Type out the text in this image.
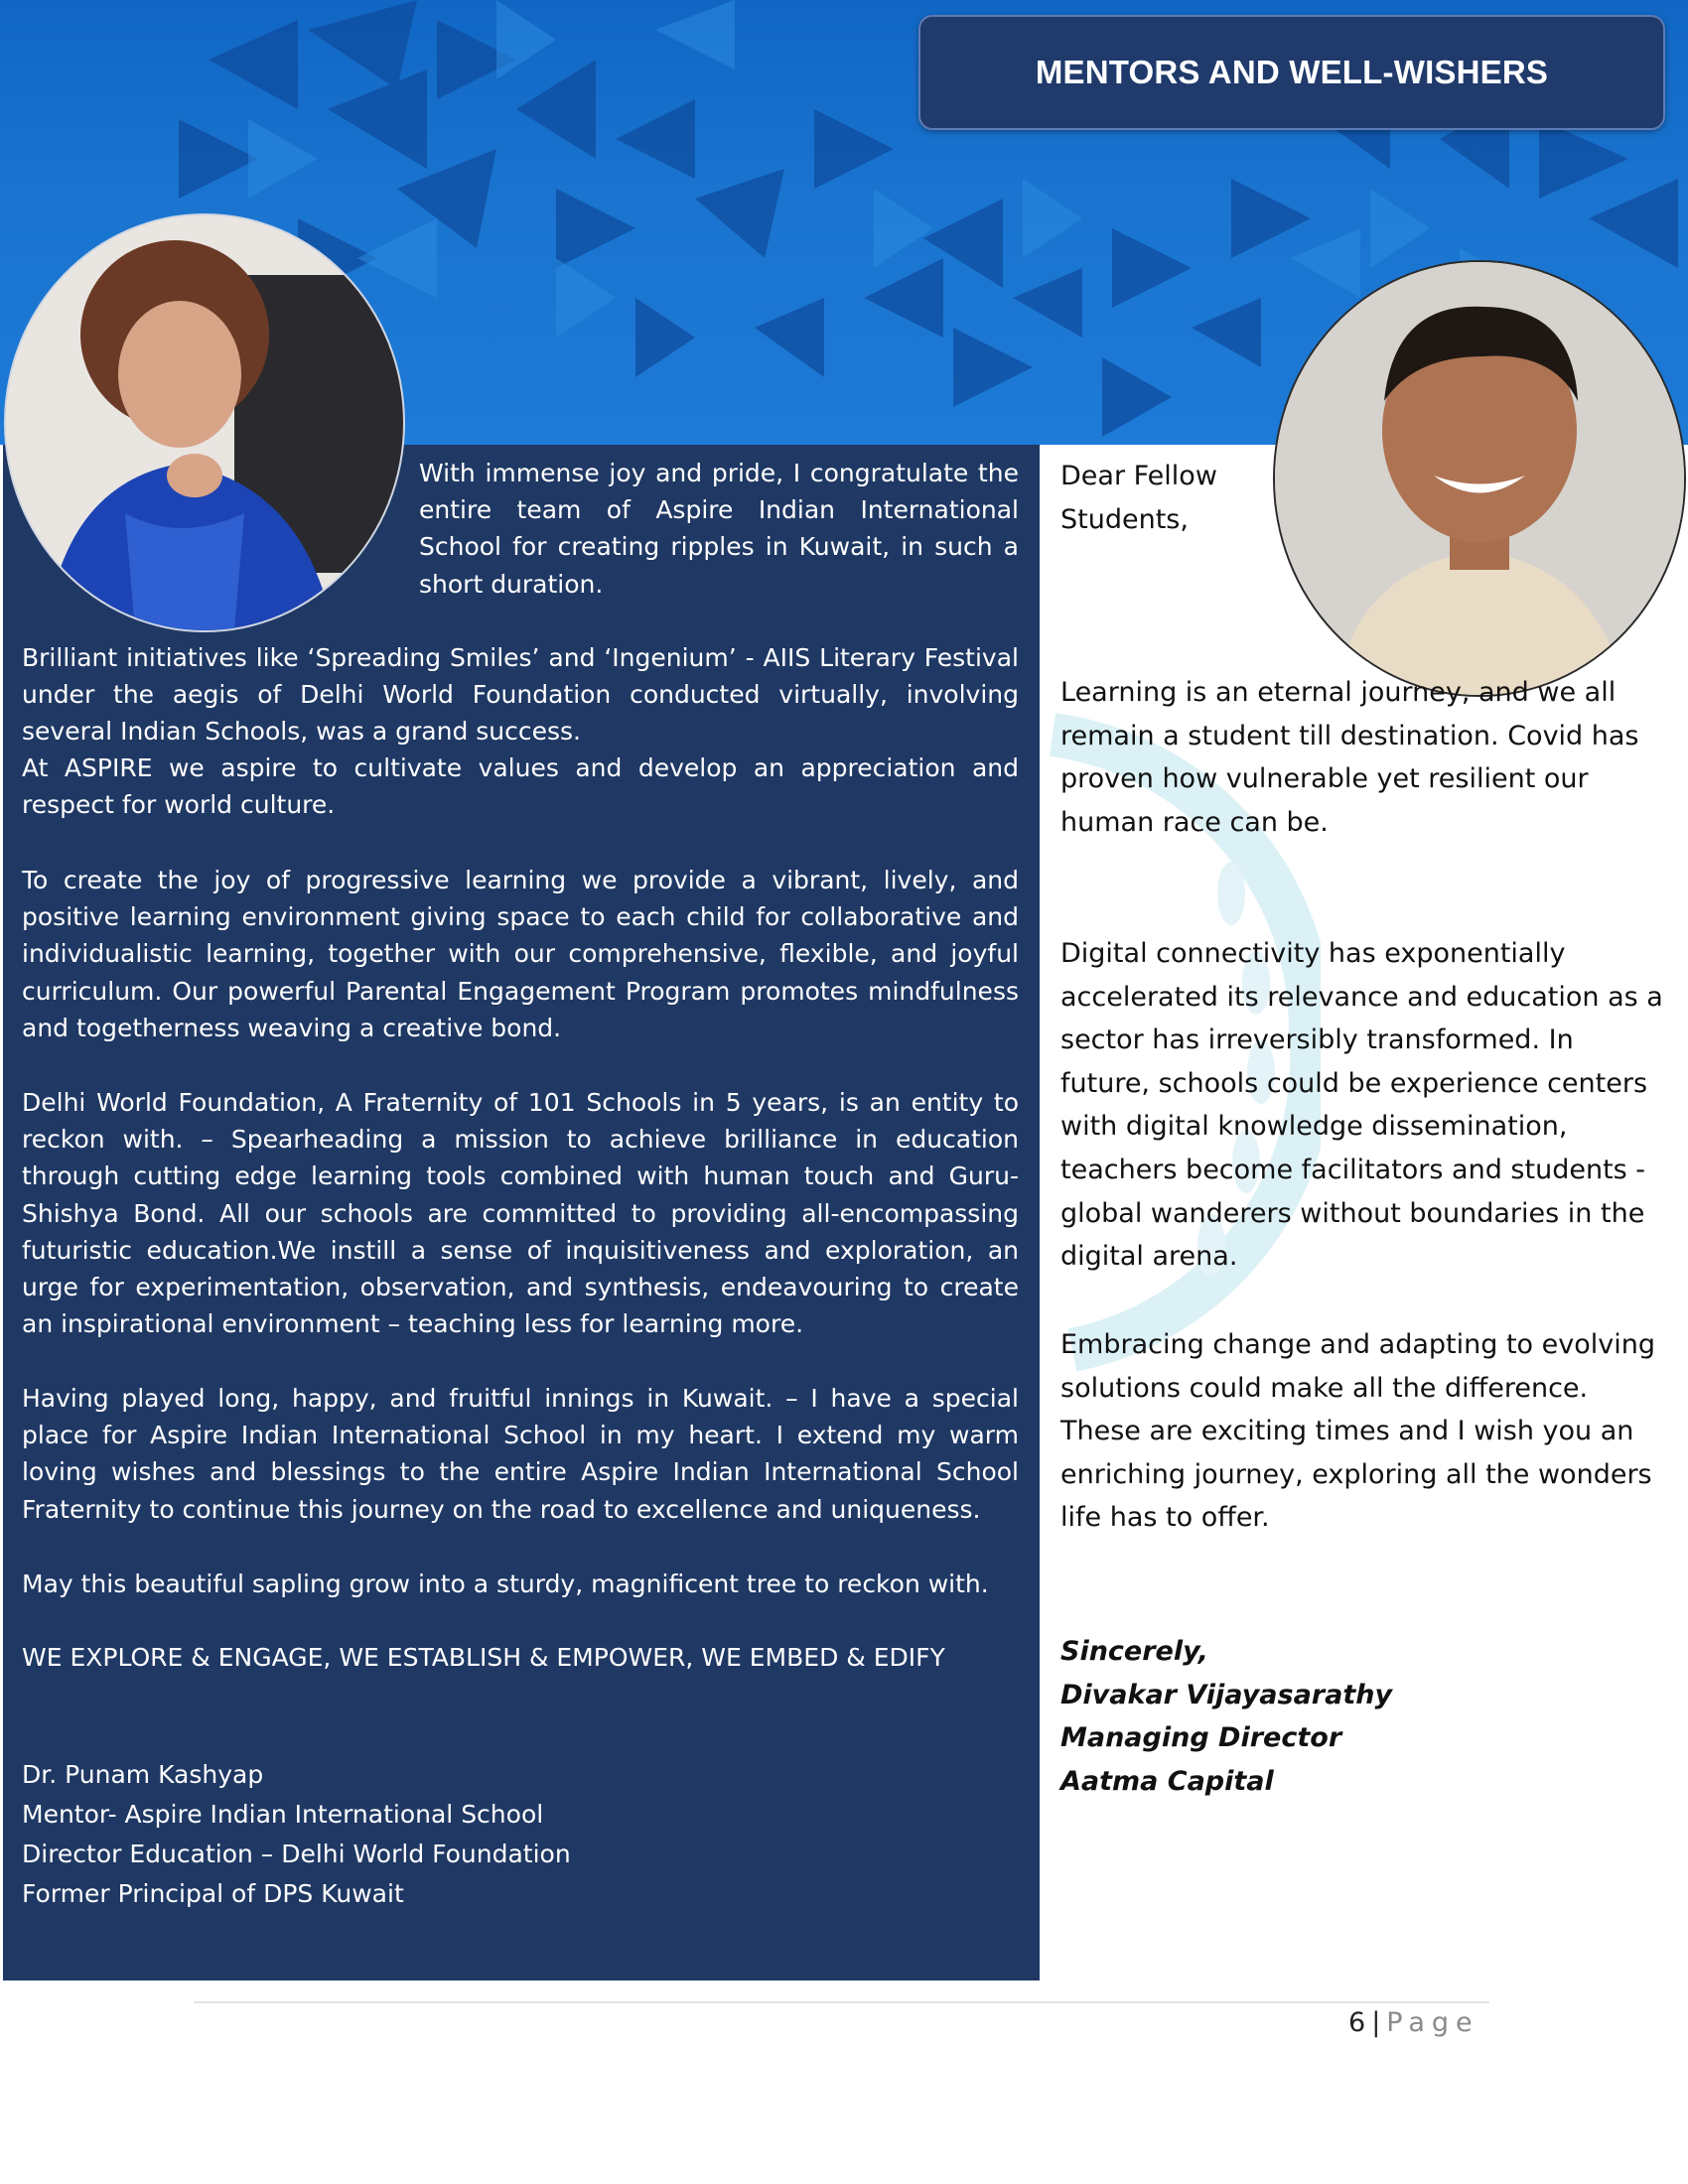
MENTORS AND WELL-WISHERS

With immense joy and pride, I congratulate the entire team of Aspire Indian International School for creating ripples in Kuwait, in such a short duration.

Brilliant initiatives like ‘Spreading Smiles’ and ‘Ingenium’ - AIIS Literary Festival under the aegis of Delhi World Foundation conducted virtually, involving several Indian Schools, was a grand success.

At ASPIRE we aspire to cultivate values and develop an appreciation and respect for world culture.

To create the joy of progressive learning we provide a vibrant, lively, and positive learning environment giving space to each child for collaborative and individualistic learning, together with our comprehensive, flexible, and joyful curriculum. Our powerful Parental Engagement Program promotes mindfulness and togetherness weaving a creative bond.

Delhi World Foundation, A Fraternity of 101 Schools in 5 years, is an entity to reckon with. – Spearheading a mission to achieve brilliance in education through cutting edge learning tools combined with human touch and Guru-Shishya Bond. All our schools are committed to providing all-encompassing futuristic education.We instill a sense of inquisitiveness and exploration, an urge for experimentation, observation, and synthesis, endeavouring to create an inspirational environment – teaching less for learning more.

Having played long, happy, and fruitful innings in Kuwait. – I have a special place for Aspire Indian International School in my heart. I extend my warm loving wishes and blessings to the entire Aspire Indian International School Fraternity to continue this journey on the road to excellence and uniqueness.

May this beautiful sapling grow into a sturdy, magnificent tree to reckon with.

WE EXPLORE & ENGAGE, WE ESTABLISH & EMPOWER, WE EMBED & EDIFY

Dr. Punam Kashyap
Mentor- Aspire Indian International School
Director Education – Delhi World Foundation
Former Principal of DPS Kuwait

Dear Fellow Students,

Learning is an eternal journey, and we all remain a student till destination. Covid has proven how vulnerable yet resilient our human race can be.

Digital connectivity has exponentially accelerated its relevance and education as a sector has irreversibly transformed. In future, schools could be experience centers with digital knowledge dissemination, teachers become facilitators and students - global wanderers without boundaries in the digital arena.

Embracing change and adapting to evolving solutions could make all the difference. These are exciting times and I wish you an enriching journey, exploring all the wonders life has to offer.

Sincerely,
Divakar Vijayasarathy
Managing Director
Aatma Capital
6 | Page
